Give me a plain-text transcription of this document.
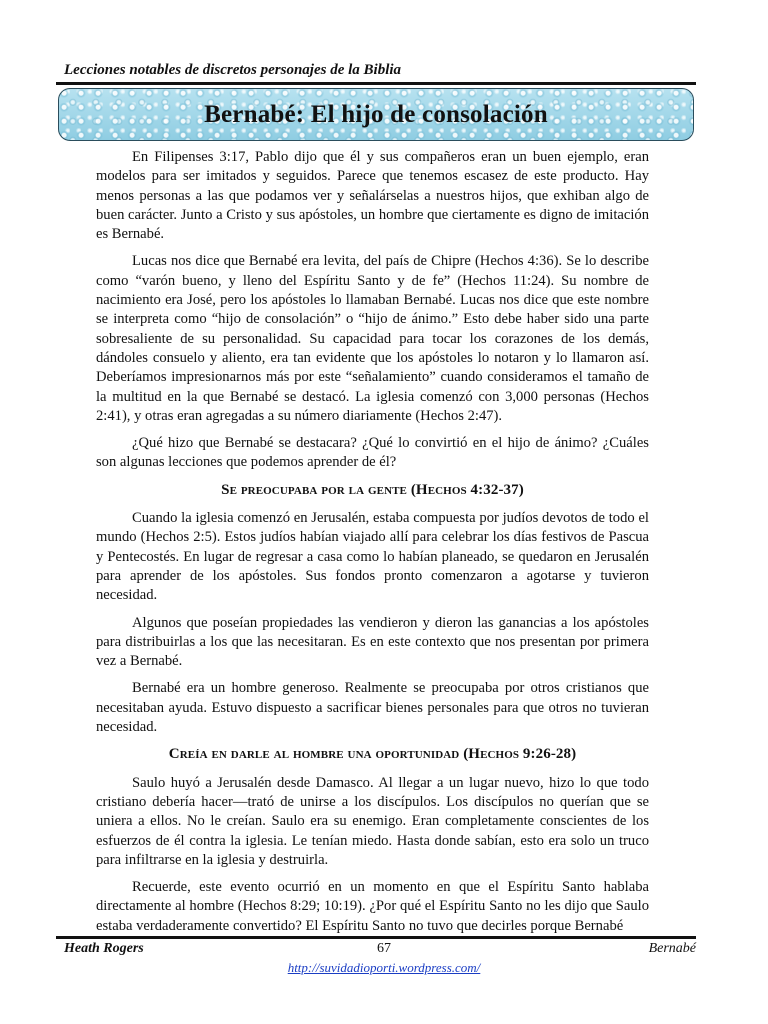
Lecciones notables de discretos personajes de la Biblia
Bernabé: El hijo de consolación

En Filipenses 3:17, Pablo dijo que él y sus compañeros eran un buen ejemplo, eran modelos para ser imitados y seguidos. Parece que tenemos escasez de este producto. Hay menos personas a las que podamos ver y señalárselas a nuestros hijos, que exhiban algo de buen carácter. Junto a Cristo y sus apóstoles, un hombre que ciertamente es digno de imitación es Bernabé.

Lucas nos dice que Bernabé era levita, del país de Chipre (Hechos 4:36). Se lo describe como “varón bueno, y lleno del Espíritu Santo y de fe” (Hechos 11:24). Su nombre de nacimiento era José, pero los apóstoles lo llamaban Bernabé. Lucas nos dice que este nombre se interpreta como “hijo de consolación” o “hijo de ánimo.” Esto debe haber sido una parte sobresaliente de su personalidad. Su capacidad para tocar los corazones de los demás, dándoles consuelo y aliento, era tan evidente que los apóstoles lo notaron y lo llamaron así. Deberíamos impresionarnos más por este “señalamiento” cuando consideramos el tamaño de la multitud en la que Bernabé se destacó. La iglesia comenzó con 3,000 personas (Hechos 2:41), y otras eran agregadas a su número diariamente (Hechos 2:47).

¿Qué hizo que Bernabé se destacara? ¿Qué lo convirtió en el hijo de ánimo? ¿Cuáles son algunas lecciones que podemos aprender de él?

Se preocupaba por la gente (Hechos 4:32-37)

Cuando la iglesia comenzó en Jerusalén, estaba compuesta por judíos devotos de todo el mundo (Hechos 2:5). Estos judíos habían viajado allí para celebrar los días festivos de Pascua y Pentecostés. En lugar de regresar a casa como lo habían planeado, se quedaron en Jerusalén para aprender de los apóstoles. Sus fondos pronto comenzaron a agotarse y tuvieron necesidad.

Algunos que poseían propiedades las vendieron y dieron las ganancias a los apóstoles para distribuirlas a los que las necesitaran. Es en este contexto que nos presentan por primera vez a Bernabé.

Bernabé era un hombre generoso. Realmente se preocupaba por otros cristianos que necesitaban ayuda. Estuvo dispuesto a sacrificar bienes personales para que otros no tuvieran necesidad.

Creía en darle al hombre una oportunidad (Hechos 9:26-28)

Saulo huyó a Jerusalén desde Damasco. Al llegar a un lugar nuevo, hizo lo que todo cristiano debería hacer—trató de unirse a los discípulos. Los discípulos no querían que se uniera a ellos. No le creían. Saulo era su enemigo. Eran completamente conscientes de los esfuerzos de él contra la iglesia. Le tenían miedo. Hasta donde sabían, esto era solo un truco para infiltrarse en la iglesia y destruirla.

Recuerde, este evento ocurrió en un momento en que el Espíritu Santo hablaba directamente al hombre (Hechos 8:29; 10:19). ¿Por qué el Espíritu Santo no les dijo que Saulo estaba verdaderamente convertido? El Espíritu Santo no tuvo que decirles porque Bernabé

Heath Rogers	67	Bernabé
http://suvidadioporti.wordpress.com/
